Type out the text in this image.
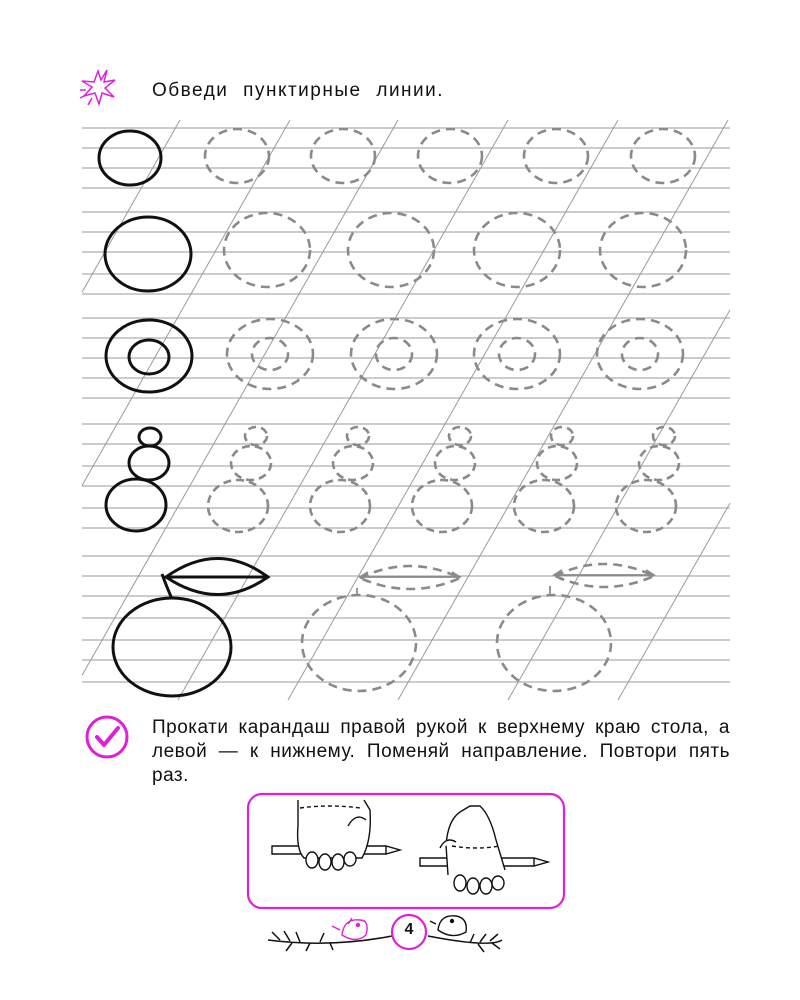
Обведи пунктирные линии.
Прокати карандаш правой рукой к верхнему краю стола, а левой — к нижнему. Поменяй направление. Повтори пять раз.
4
